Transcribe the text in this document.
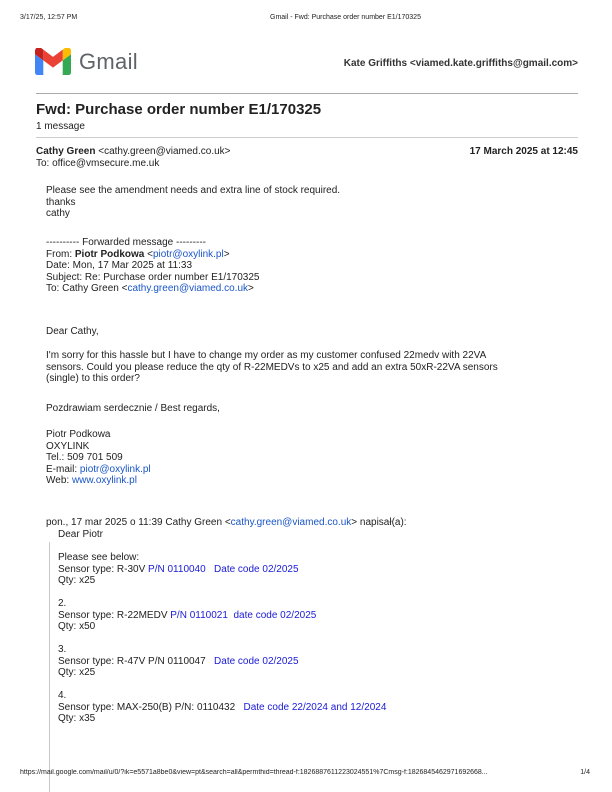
3/17/25, 12:57 PM	Gmail - Fwd: Purchase order number E1/170325
Gmail	Kate Griffiths <viamed.kate.griffiths@gmail.com>
Fwd: Purchase order number E1/170325
1 message
Cathy Green <cathy.green@viamed.co.uk>	17 March 2025 at 12:45
To: office@vmsecure.me.uk
Please see the amendment needs and extra line of stock required.
thanks
cathy
---------- Forwarded message ---------
From: Piotr Podkowa <piotr@oxylink.pl>
Date: Mon, 17 Mar 2025 at 11:33
Subject: Re: Purchase order number E1/170325
To: Cathy Green <cathy.green@viamed.co.uk>
Dear Cathy,
I'm sorry for this hassle but I have to change my order as my customer confused 22medv with 22VA
sensors. Could you please reduce the qty of R-22MEDVs to x25 and add an extra 50xR-22VA sensors
(single) to this order?
Pozdrawiam serdecznie / Best regards,
Piotr Podkowa
OXYLINK
Tel.: 509 701 509
E-mail: piotr@oxylink.pl
Web: www.oxylink.pl
pon., 17 mar 2025 o 11:39 Cathy Green <cathy.green@viamed.co.uk> napisał(a):
Dear Piotr
Please see below:
Sensor type: R-30V P/N 0110040 Date code 02/2025
Qty: x25
2.
Sensor type: R-22MEDV P/N 0110021 date code 02/2025
Qty: x50
3.
Sensor type: R-47V P/N 0110047 Date code 02/2025
Qty: x25
4.
Sensor type: MAX-250(B) P/N: 0110432 Date code 22/2024 and 12/2024
Qty: x35
https://mail.google.com/mail/u/0/?ik=e5571a8be0&view=pt&search=all&permthid=thread-f:1826887611223024551%7Cmsg-f:1826845462971692668...	1/4
